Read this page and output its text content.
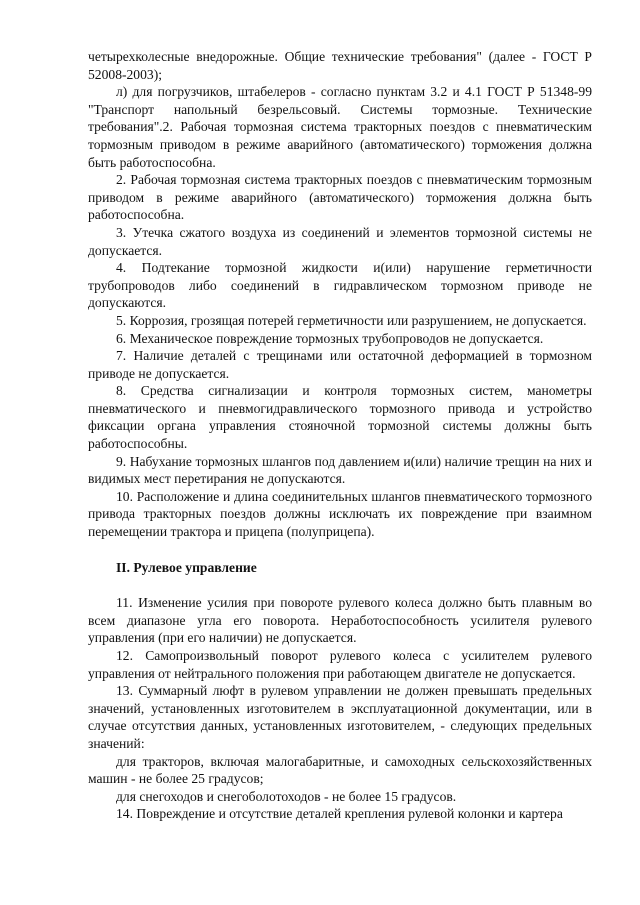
четырехколесные внедорожные. Общие технические требования" (далее - ГОСТ Р 52008-2003);

л) для погрузчиков, штабелеров - согласно пунктам 3.2 и 4.1 ГОСТ Р 51348-99 "Транспорт напольный безрельсовый. Системы тормозные. Технические требования".2. Рабочая тормозная система тракторных поездов с пневматическим тормозным приводом в режиме аварийного (автоматического) торможения должна быть работоспособна.

2. Рабочая тормозная система тракторных поездов с пневматическим тормозным приводом в режиме аварийного (автоматического) торможения должна быть работоспособна.

3. Утечка сжатого воздуха из соединений и элементов тормозной системы не допускается.

4. Подтекание тормозной жидкости и(или) нарушение герметичности трубопроводов либо соединений в гидравлическом тормозном приводе не допускаются.

5. Коррозия, грозящая потерей герметичности или разрушением, не допускается.

6. Механическое повреждение тормозных трубопроводов не допускается.

7. Наличие деталей с трещинами или остаточной деформацией в тормозном приводе не допускается.

8. Средства сигнализации и контроля тормозных систем, манометры пневматического и пневмогидравлического тормозного привода и устройство фиксации органа управления стояночной тормозной системы должны быть работоспособны.

9. Набухание тормозных шлангов под давлением и(или) наличие трещин на них и видимых мест перетирания не допускаются.

10. Расположение и длина соединительных шлангов пневматического тормозного привода тракторных поездов должны исключать их повреждение при взаимном перемещении трактора и прицепа (полуприцепа).

II. Рулевое управление

11. Изменение усилия при повороте рулевого колеса должно быть плавным во всем диапазоне угла его поворота. Неработоспособность усилителя рулевого управления (при его наличии) не допускается.

12. Самопроизвольный поворот рулевого колеса с усилителем рулевого управления от нейтрального положения при работающем двигателе не допускается.

13. Суммарный люфт в рулевом управлении не должен превышать предельных значений, установленных изготовителем в эксплуатационной документации, или в случае отсутствия данных, установленных изготовителем, - следующих предельных значений:

для тракторов, включая малогабаритные, и самоходных сельскохозяйственных машин - не более 25 градусов;

для снегоходов и снегоболотоходов - не более 15 градусов.

14. Повреждение и отсутствие деталей крепления рулевой колонки и картера
